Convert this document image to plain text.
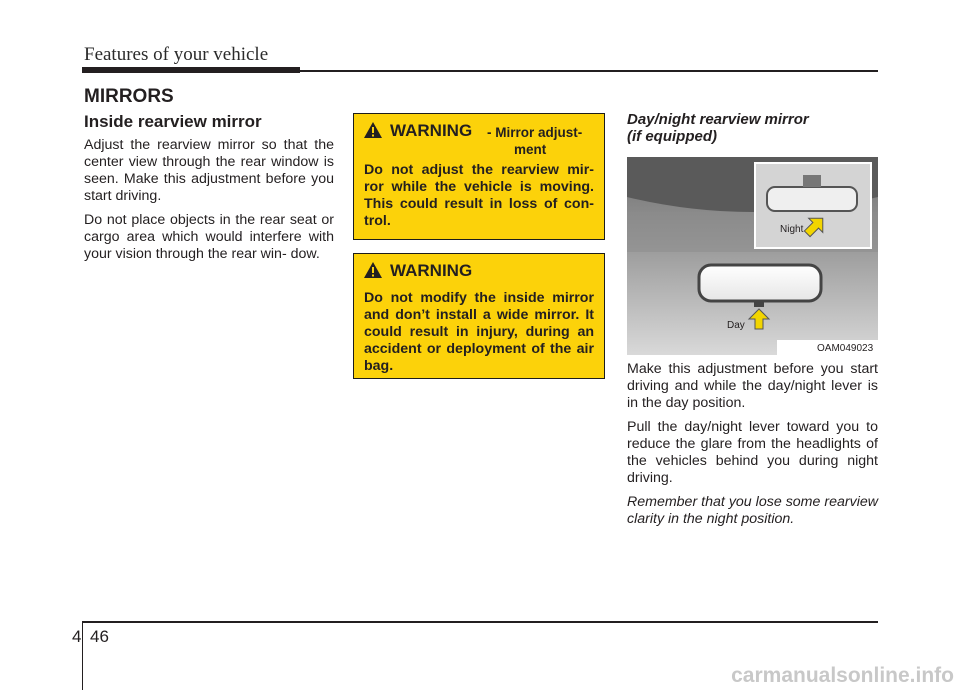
Features of your vehicle
MIRRORS
Inside rearview mirror

Adjust the rearview mirror so that the center view through the rear window is seen. Make this adjustment before you start driving.

Do not place objects in the rear seat or cargo area which would interfere with your vision through the rear win- dow.

WARNING - Mirror adjust-
ment
Do not adjust the rearview mir- ror while the vehicle is moving. This could result in loss of con- trol.
WARNING
Do not modify the inside mirror and don’t install a wide mirror. It could result in injury, during an accident or deployment of the air bag.
Day/night rearview mirror
(if equipped)
Night
Day
OAM049023

Make this adjustment before you start driving and while the day/night lever is in the day position.

Pull the day/night lever toward you to reduce the glare from the headlights of the vehicles behind you during night driving.

Remember that you lose some rearview clarity in the night position.

4 46
carmanualsonline.info
